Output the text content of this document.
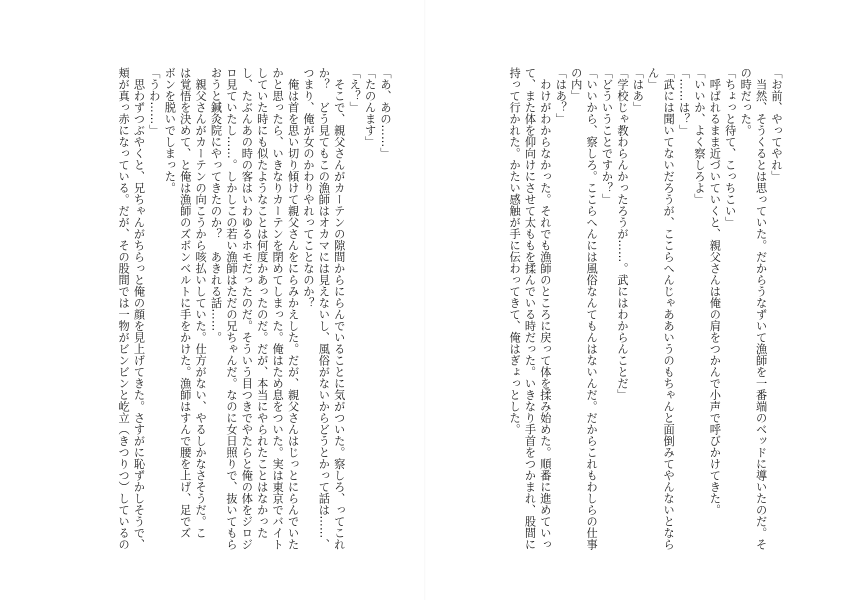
「お前、やってやれ」
　当然、そうくるとは思っていた。だからうなずいて漁師を一番端のベッドに導いたのだ。そ
の時だった。
「ちょっと待て、こっちこい」
　呼ばれるまま近づいていくと、親父さんは俺の肩をつかんで小声で呼びかけてきた。
「いいか、よく察しろよ」
「……は？」
「武には聞いてないだろうが、ここらへんじゃああいうのもちゃんと面倒みてやんないとなら
ん」
「はあ」
「学校じゃ教わらんかったろうが……。武にはわからんことだ」
「どういうことですか？」
「いいから、察しろ。ここらへんには風俗なんてもんはないんだ。だからこれもわしらの仕事
の内」
「はあ？」
　わけがわからなかった。それでも漁師のところに戻って体を揉み始めた。順番に進めていっ
て、また体を仰向けにさせて太ももを揉んでいる時だった。いきなり手首をつかまれ、股間に
持って行かれた。かたい感触が手に伝わってきて、俺はぎょっとした。
「あ、あの……」
「たのんます」
「え？」
　そこで、親父さんがカーテンの隙間からにらんでいることに気がついた。察しろ、ってこれ
か？　どう見てもこの漁師はオカマには見えないし、風俗がないからどうとかって話は……、
つまり、俺が女のかわりやれってことなのか？
　俺は首を思い切り傾けて親父さんをにらみかえした。だが、親父さんはじっとにらんでいた
かと思ったら、いきなりカーテンを閉めてしまった。俺はため息をついた。実は東京でバイト
していた時にも似たようなことは何度かあったのだ。だが、本当にやられたことはなかった
し、たぶんあの時の客はいわゆるホモだったのだ。そういう目つきでやたらと俺の体をジロジ
ロ見ていたし……。しかしこの若い漁師はただの兄ちゃんだ。なのに女日照りで、抜いてもら
おうと鍼灸院にやってきたのか？　あきれる話……。
　親父さんがカーテンの向こうから咳払いしていた。仕方がない、やるしかなさそうだ。こ
は覚悟を決めて、と俺は漁師のズボンベルトに手をかけた。漁師はすんで腰を上げ、足でズ
ボンを脱いでしまった。
「うわ……」
　思わずつぶやくと、兄ちゃんがちらっと俺の顔を見上げてきた。さすがに恥ずかしそうで、
頬が真っ赤になっている。だが、その股間では一物がビンビンと屹立（きつりつ）しているの
